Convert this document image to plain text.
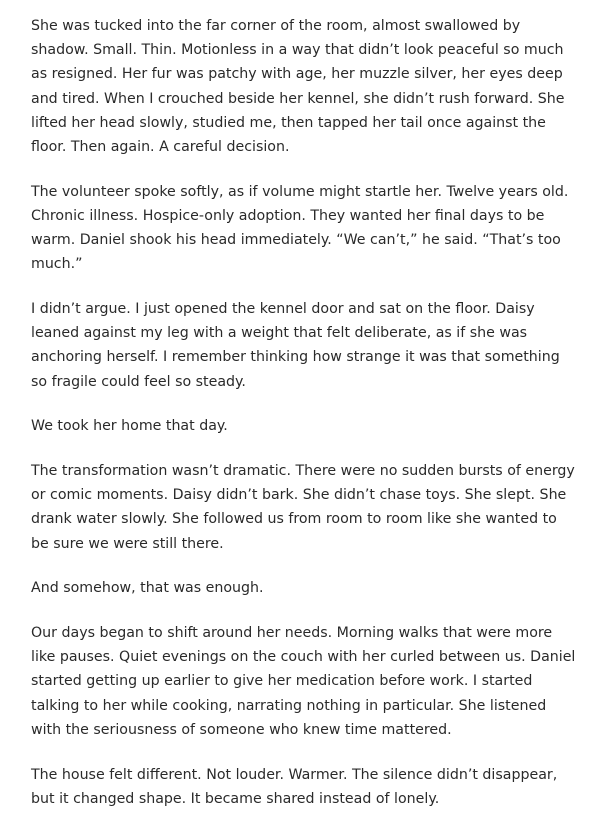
She was tucked into the far corner of the room, almost swallowed by shadow. Small. Thin. Motionless in a way that didn’t look peaceful so much as resigned. Her fur was patchy with age, her muzzle silver, her eyes deep and tired. When I crouched beside her kennel, she didn’t rush forward. She lifted her head slowly, studied me, then tapped her tail once against the floor. Then again. A careful decision.

The volunteer spoke softly, as if volume might startle her. Twelve years old. Chronic illness. Hospice-only adoption. They wanted her final days to be warm. Daniel shook his head immediately. “We can’t,” he said. “That’s too much.”

I didn’t argue. I just opened the kennel door and sat on the floor. Daisy leaned against my leg with a weight that felt deliberate, as if she was anchoring herself. I remember thinking how strange it was that something so fragile could feel so steady.

We took her home that day.

The transformation wasn’t dramatic. There were no sudden bursts of energy or comic moments. Daisy didn’t bark. She didn’t chase toys. She slept. She drank water slowly. She followed us from room to room like she wanted to be sure we were still there.

And somehow, that was enough.

Our days began to shift around her needs. Morning walks that were more like pauses. Quiet evenings on the couch with her curled between us. Daniel started getting up earlier to give her medication before work. I started talking to her while cooking, narrating nothing in particular. She listened with the seriousness of someone who knew time mattered.

The house felt different. Not louder. Warmer. The silence didn’t disappear, but it changed shape. It became shared instead of lonely.
